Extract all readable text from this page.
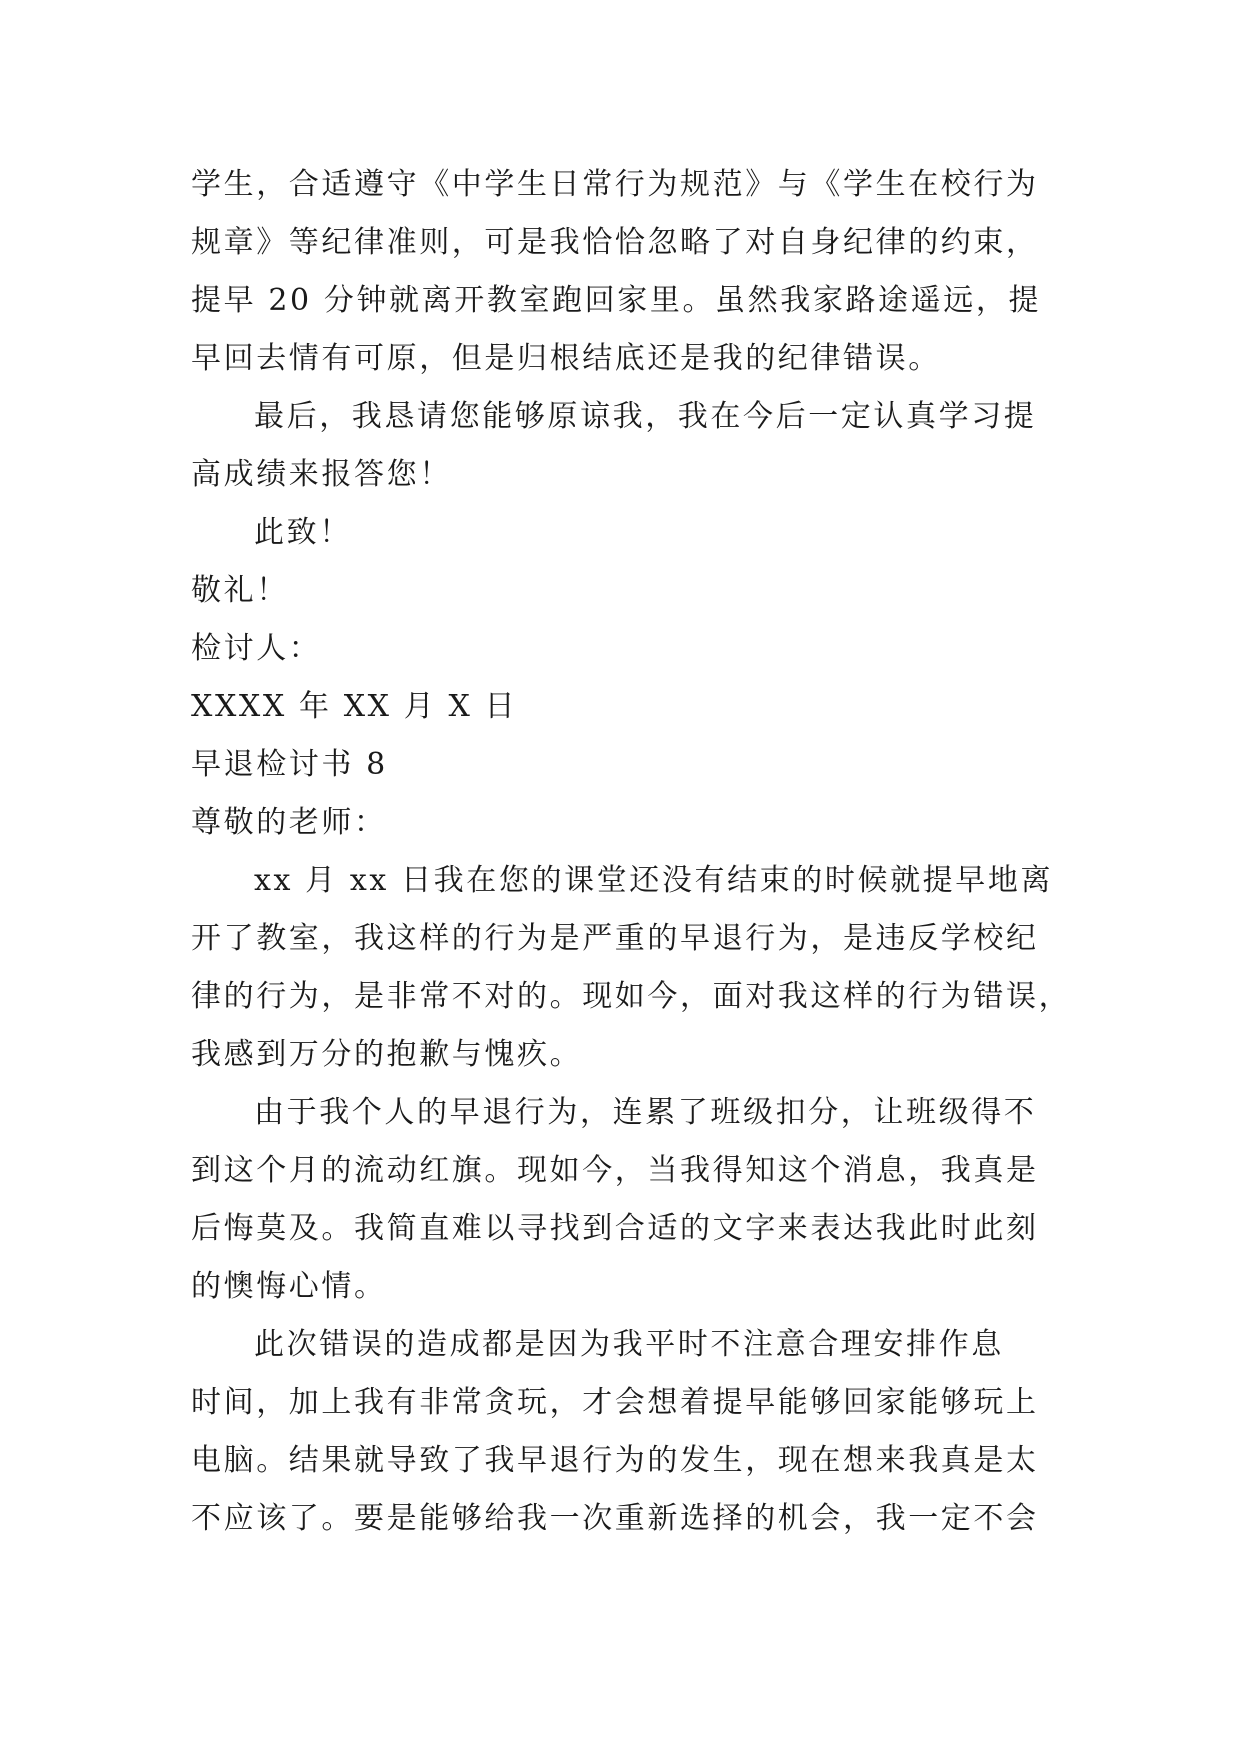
学生，合适遵守《中学生日常行为规范》与《学生在校行为
规章》等纪律准则，可是我恰恰忽略了对自身纪律的约束，
提早 20 分钟就离开教室跑回家里。虽然我家路途遥远，提
早回去情有可原，但是归根结底还是我的纪律错误。
最后，我恳请您能够原谅我，我在今后一定认真学习提
高成绩来报答您！
此致！
敬礼！
检讨人：
XXXX 年 XX 月 X 日
早退检讨书 8
尊敬的老师：
xx 月 xx 日我在您的课堂还没有结束的时候就提早地离
开了教室，我这样的行为是严重的早退行为，是违反学校纪
律的行为，是非常不对的。现如今，面对我这样的行为错误，
我感到万分的抱歉与愧疚。
由于我个人的早退行为，连累了班级扣分，让班级得不
到这个月的流动红旗。现如今，当我得知这个消息，我真是
后悔莫及。我简直难以寻找到合适的文字来表达我此时此刻
的懊悔心情。
此次错误的造成都是因为我平时不注意合理安排作息
时间，加上我有非常贪玩，才会想着提早能够回家能够玩上
电脑。结果就导致了我早退行为的发生，现在想来我真是太
不应该了。要是能够给我一次重新选择的机会，我一定不会
